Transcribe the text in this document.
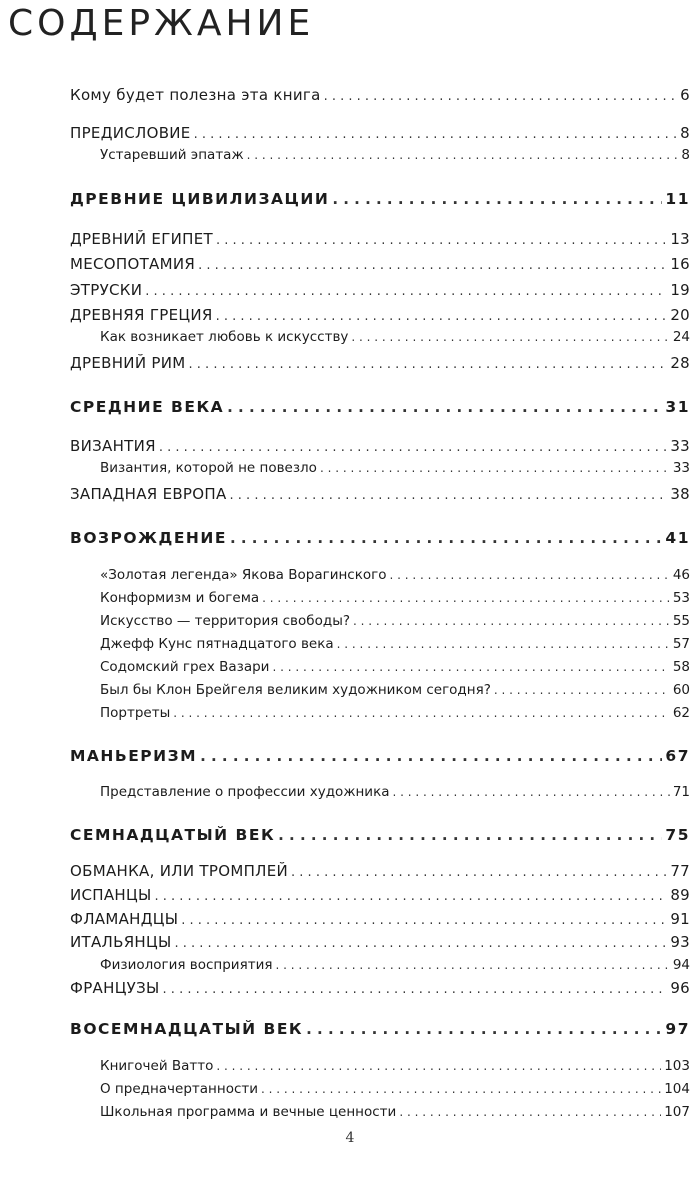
СОДЕРЖАНИЕ
Кому будет полезна эта книга . . .	6
ПРЕДИСЛОВИЕ . . .	8
Устаревший эпатаж . . .	8
ДРЕВНИЕ ЦИВИЛИЗАЦИИ . . .	11
ДРЕВНИЙ ЕГИПЕТ . . .	13
МЕСОПОТАМИЯ . . .	16
ЭТРУСКИ . . .	19
ДРЕВНЯЯ ГРЕЦИЯ . . .	20
Как возникает любовь к искусству . . .	24
ДРЕВНИЙ РИМ . . .	28
СРЕДНИЕ ВЕКА . . .	31
ВИЗАНТИЯ . . .	33
Византия, которой не повезло . . .	33
ЗАПАДНАЯ ЕВРОПА . . .	38
ВОЗРОЖДЕНИЕ . . .	41
«Золотая легенда» Якова Ворагинского . . .	46
Конформизм и богема . . .	53
Искусство — территория свободы? . . .	55
Джефф Кунс пятнадцатого века . . .	57
Содомский грех Вазари . . .	58
Был бы Клон Брейгеля великим художником сегодня? . . .	60
Портреты . . .	62
МАНЬЕРИЗМ . . .	67
Представление о профессии художника . . .	71
СЕМНАДЦАТЫЙ ВЕК . . .	75
ОБМАНКА, ИЛИ ТРОМПЛЕЙ . . .	77
ИСПАНЦЫ . . .	89
ФЛАМАНДЦЫ . . .	91
ИТАЛЬЯНЦЫ . . .	93
Физиология восприятия . . .	94
ФРАНЦУЗЫ . . .	96
ВОСЕМНАДЦАТЫЙ ВЕК . . .	97
Книгочей Ватто . . .	103
О предначертанности . . .	104
Школьная программа и вечные ценности . . .	107
4
